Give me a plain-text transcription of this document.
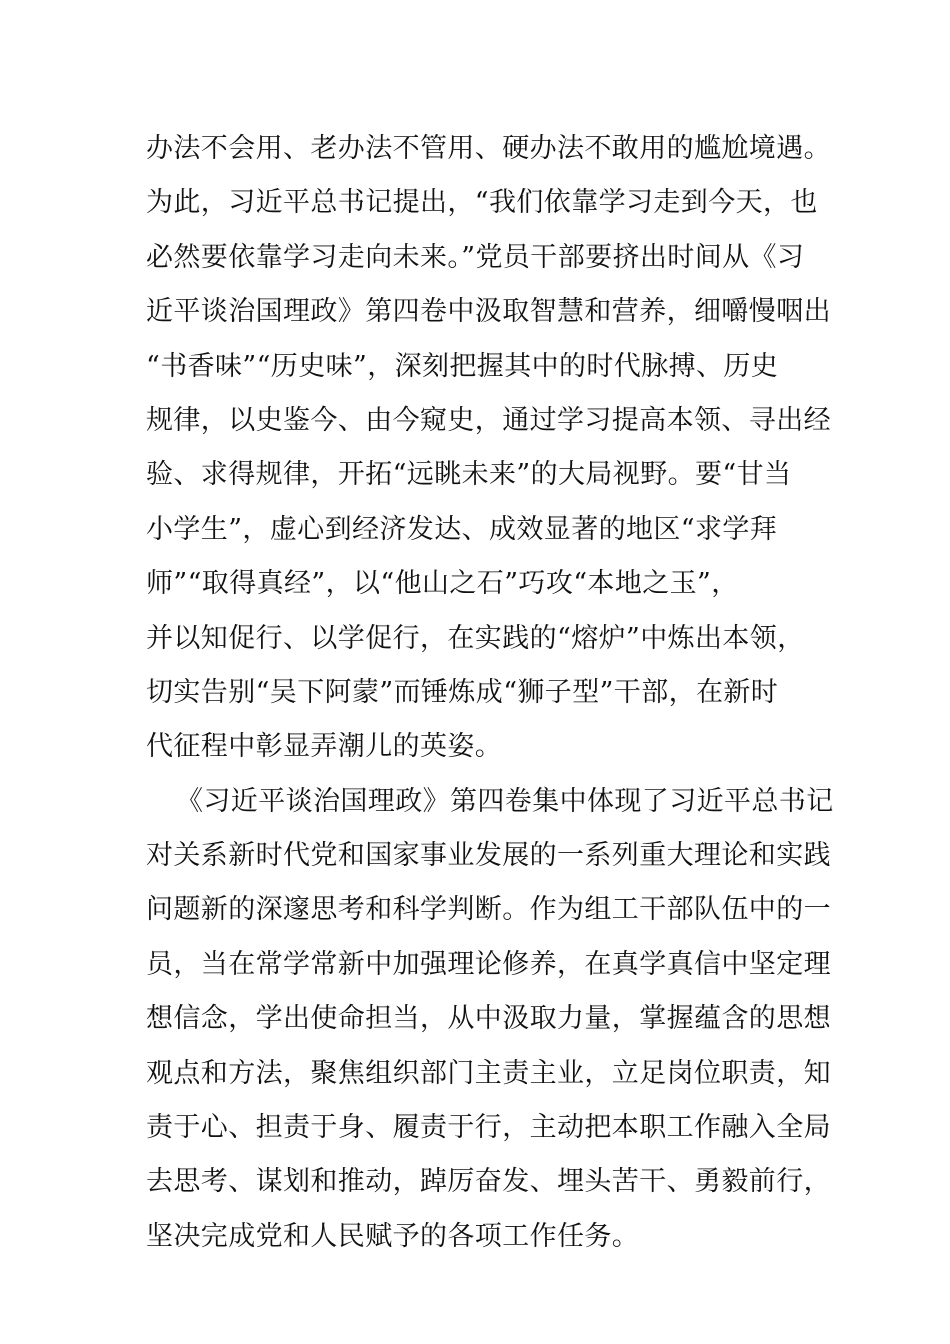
办法不会用、老办法不管用、硬办法不敢用的尴尬境遇。
为此，习近平总书记提出，“我们依靠学习走到今天，也
必然要依靠学习走向未来。”党员干部要挤出时间从《习
近平谈治国理政》第四卷中汲取智慧和营养，细嚼慢咽出
“书香味”“历史味”，深刻把握其中的时代脉搏、历史
规律，以史鉴今、由今窥史，通过学习提高本领、寻出经
验、求得规律，开拓“远眺未来”的大局视野。要“甘当
小学生”，虚心到经济发达、成效显著的地区“求学拜
师”“取得真经”，以“他山之石”巧攻“本地之玉”，
并以知促行、以学促行，在实践的“熔炉”中炼出本领，
切实告别“吴下阿蒙”而锤炼成“狮子型”干部，在新时
代征程中彰显弄潮儿的英姿。
《习近平谈治国理政》第四卷集中体现了习近平总书记
对关系新时代党和国家事业发展的一系列重大理论和实践
问题新的深邃思考和科学判断。作为组工干部队伍中的一
员，当在常学常新中加强理论修养，在真学真信中坚定理
想信念，学出使命担当，从中汲取力量，掌握蕴含的思想
观点和方法，聚焦组织部门主责主业，立足岗位职责，知
责于心、担责于身、履责于行，主动把本职工作融入全局
去思考、谋划和推动，踔厉奋发、埋头苦干、勇毅前行，
坚决完成党和人民赋予的各项工作任务。
